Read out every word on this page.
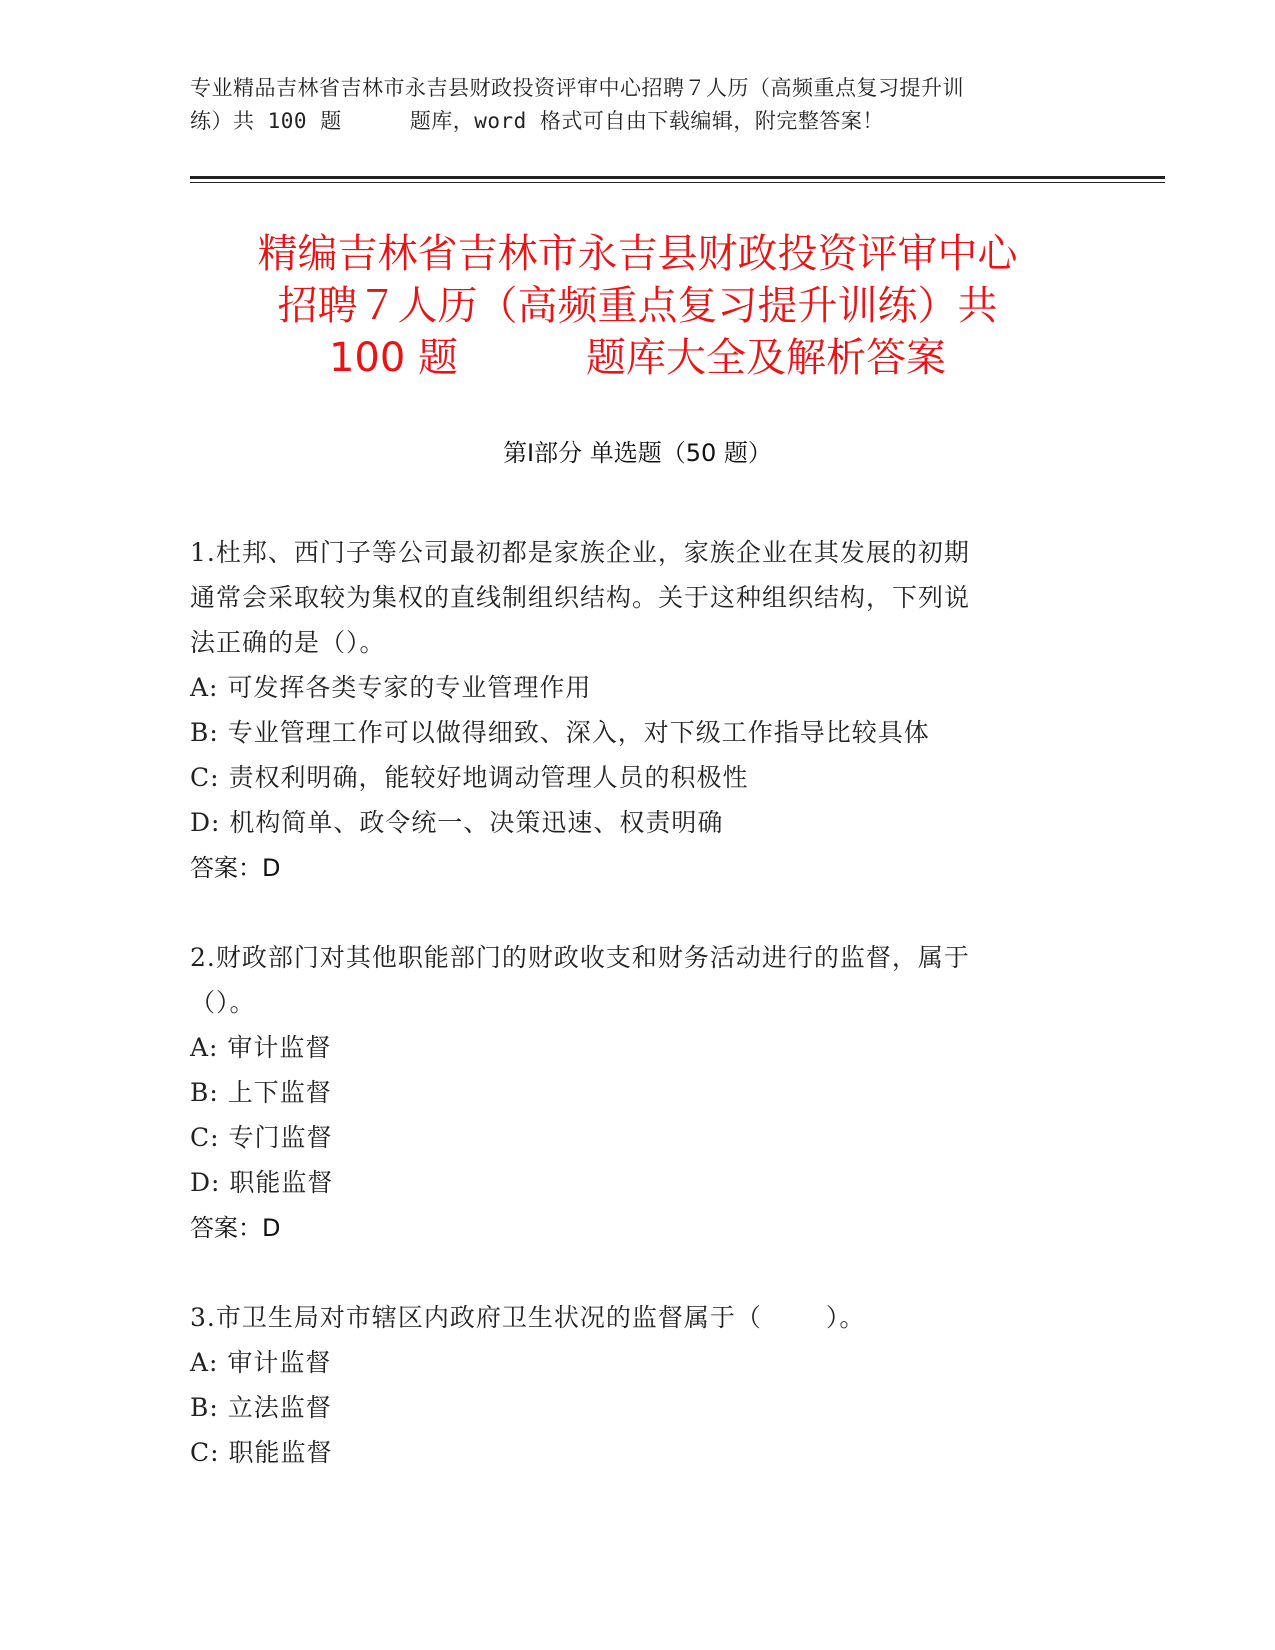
专业精品吉林省吉林市永吉县财政投资评审中心招聘７人历（高频重点复习提升训
练）共 100 题	题库，word 格式可自由下载编辑，附完整答案！
精编吉林省吉林市永吉县财政投资评审中心
招聘７人历（高频重点复习提升训练）共
100 题	题库大全及解析答案
第Ⅰ部分 单选题（50 题）
1.杜邦、西门子等公司最初都是家族企业，家族企业在其发展的初期
通常会采取较为集权的直线制组织结构。关于这种组织结构，下列说
法正确的是（）。
A: 可发挥各类专家的专业管理作用
B: 专业管理工作可以做得细致、深入，对下级工作指导比较具体
C: 责权利明确，能较好地调动管理人员的积极性
D: 机构简单、政令统一、决策迅速、权责明确
答案：D
2.财政部门对其他职能部门的财政收支和财务活动进行的监督，属于
（）。
A: 审计监督
B: 上下监督
C: 专门监督
D: 职能监督
答案：D
3.市卫生局对市辖区内政府卫生状况的监督属于（	）。
A: 审计监督
B: 立法监督
C: 职能监督
